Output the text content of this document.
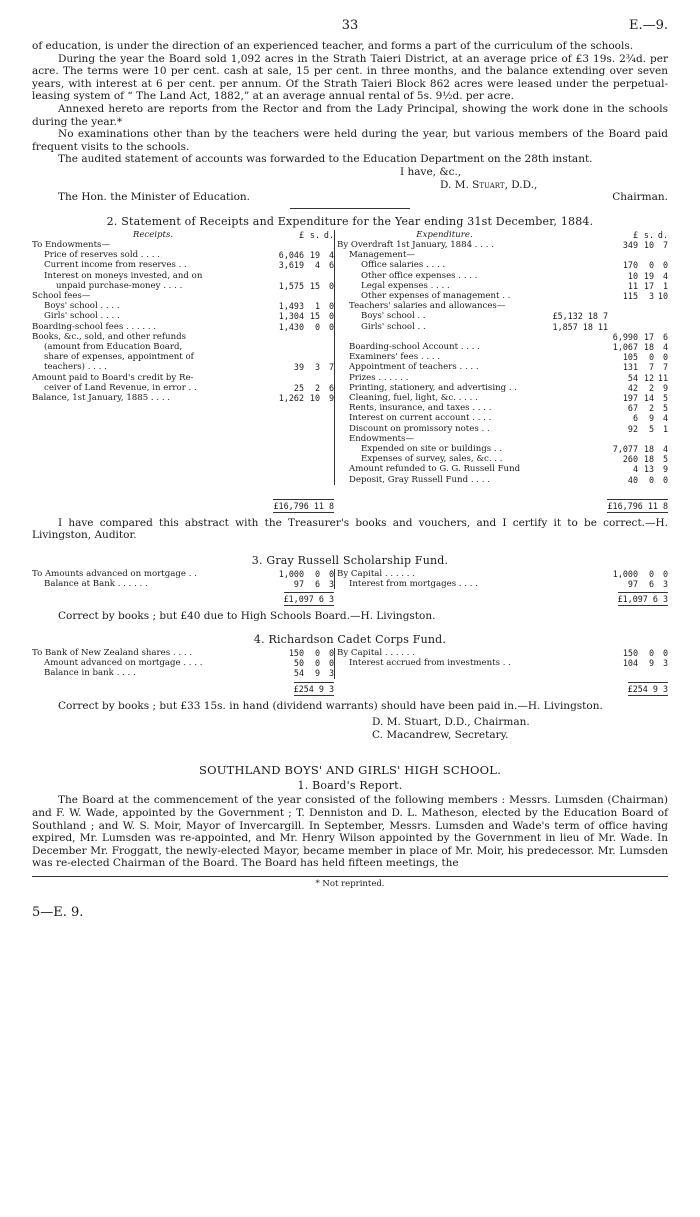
33	E.—9.

of education, is under the direction of an experienced teacher, and forms a part of the curriculum of the schools.

During the year the Board sold 1,092 acres in the Strath Taieri District, at an average price of £3 19s. 2¾d. per acre. The terms were 10 per cent. cash at sale, 15 per cent. in three months, and the balance extending over seven years, with interest at 6 per cent. per annum. Of the Strath Taieri Block 862 acres were leased under the perpetual-leasing system of “ The Land Act, 1882,” at an average annual rental of 5s. 9½d. per acre.

Annexed hereto are reports from the Rector and from the Lady Principal, showing the work done in the schools during the year.*

No examinations other than by the teachers were held during the year, but various members of the Board paid frequent visits to the schools.

The audited statement of accounts was forwarded to the Education Department on the 28th instant.

I have, &c.,
D. M. Stuart, D.D.,
The Hon. the Minister of Education.	Chairman.
2. Statement of Receipts and Expenditure for the Year ending 31st December, 1884.
Receipts.	£	s.	d.
To Endowments—			
Price of reserves sold . . . .	6,046	19	4
Current income from reserves . .	3,619	4	6
Interest on moneys invested, and on			
unpaid purchase-money . . . .	1,575	15	0
School fees—			
Boys' school . . . .	1,493	1	0
Girls' school . . . .	1,304	15	0
Boarding-school fees . . . . . .	1,430	0	0
Books, &c., sold, and other refunds			
(amount from Education Board,			
share of expenses, appointment of			
teachers) . . . .	39	3	7
Amount paid to Board's credit by Re-			
ceiver of Land Revenue, in error . .	25	2	6
Balance, 1st January, 1885 . . . .	1,262	10	9
Expenditure.		£	s.	d.
By Overdraft 1st January, 1884 . . . .		349	10	7
Management—				
Office salaries . . . .		170	0	0
Other office expenses . . . .		10	19	4
Legal expenses . . . .		11	17	1
Other expenses of management . .		115	3	10
Teachers' salaries and allowances—				
Boys' school . .	£5,132 18 7			
Girls' school . .	1,857 18 11			
		6,990	17	6
Boarding-school Account . . . .		1,067	18	4
Examiners' fees . . . .		105	0	0
Appointment of teachers . . . .		131	7	7
Prizes . . . . . .		54	12	11
Printing, stationery, and advertising . .		42	2	9
Cleaning, fuel, light, &c. . . . .		197	14	5
Rents, insurance, and taxes . . . .		67	2	5
Interest on current account . . . .		6	9	4
Discount on promissory notes . .		92	5	1
Endowments—				
Expended on site or buildings . .		7,077	18	4
Expenses of survey, sales, &c. . .		260	18	5
Amount refunded to G. G. Russell Fund		4	13	9
Deposit, Gray Russell Fund . . . .		40	0	0
£16,796 11 8	£16,796 11 8

I have compared this abstract with the Treasurer's books and vouchers, and I certify it to be correct.—H. Livingston, Auditor.

3. Gray Russell Scholarship Fund.
To Amounts advanced on mortgage . .	1,000	0	0
Balance at Bank . . . . . .	97	6	3
By Capital . . . . . .	1,000	0	0
Interest from mortgages . . . .	97	6	3
£1,097 6 3	£1,097 6 3

Correct by books ; but £40 due to High Schools Board.—H. Livingston.

4. Richardson Cadet Corps Fund.
To Bank of New Zealand shares . . . .	150	0	0
Amount advanced on mortgage . . . .	50	0	0
Balance in bank . . . .	54	9	3
By Capital . . . . . .	150	0	0
Interest accrued from investments . .	104	9	3
£254 9 3	£254 9 3

Correct by books ; but £33 15s. in hand (dividend warrants) should have been paid in.—H. Livingston.

D. M. Stuart, D.D., Chairman.
C. Macandrew, Secretary.
SOUTHLAND BOYS' AND GIRLS' HIGH SCHOOL.
1. Board's Report.

The Board at the commencement of the year consisted of the following members : Messrs. Lumsden (Chairman) and F. W. Wade, appointed by the Government ; T. Denniston and D. L. Matheson, elected by the Education Board of Southland ; and W. S. Moir, Mayor of Invercargill. In September, Messrs. Lumsden and Wade's term of office having expired, Mr. Lumsden was re-appointed, and Mr. Henry Wilson appointed by the Government in lieu of Mr. Wade. In December Mr. Froggatt, the newly-elected Mayor, became member in place of Mr. Moir, his predecessor. Mr. Lumsden was re-elected Chairman of the Board. The Board has held fifteen meetings, the

* Not reprinted.
5—E. 9.
